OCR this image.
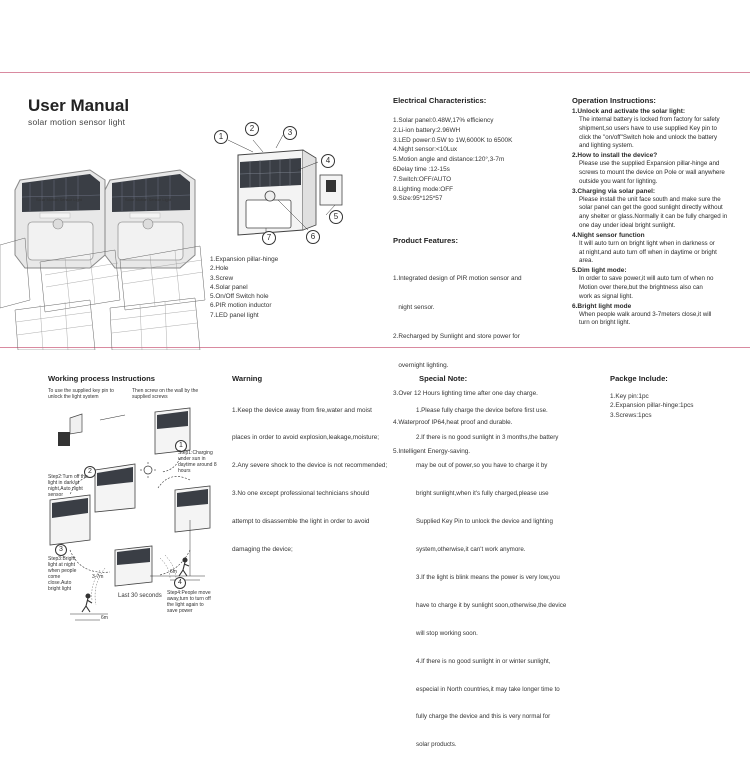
User Manual
solar motion sensor light
Solar Motion Sensor Light	Solar Motion Sensor Light
1
2	3
4
5
6
7
1.Expansion pillar-hinge
2.Hole
3.Screw
4.Solar panel
5.On/Off Switch hole
6.PIR motion inductor
7.LED panel light
Electrical Characteristics:
1.Solar panel:0.48W,17% efficiency
2.Li-ion battery:2.96WH
3.LED power:0.5W to 1W,6000K to 6500K
4.Night sensor:<10Lux
5.Motion angle and distance:120°,3-7m
6Delay time :12-15s
7.Switch:OFF/AUTO
8.Lighting mode:OFF
9.Size:95*125*57
Product Features:

1.Integrated design of PIR motion sensor and

night sensor.

2.Recharged by Sunlight and store power for

overnight lighting.

3.Over 12 Hours lighting time after one day charge.

4.Waterproof IP64,heat proof and durable.

5.Intelligent Energy-saving.

Operation Instructions:
1.Unlock and activate the solar light:

The internal battery is locked from factory for safety

shipment,so users have to use supplied Key pin to

click the "on/off"Switch hole and unlock the battery

and lighting system.

2.How to install the device?

Please use the supplied Expansion pillar-hinge and

screws to mount the device on Pole or wall anywhere

outside you want for lighting.

3.Charging via solar panel:

Please install the unit face south and make sure the

solar panel can get the good sunlight directly without

any shelter or glass.Normally it can be fully charged in

one day under ideal bright sunlight.

4.Night sensor function

It will auto turn on bright light when in darkness or

at night,and auto turn off when in daytime or bright

area.

5.Dim light mode:

In order to save power,it will auto turn of when no

Motion over there,but the brightness also can

work as signal light.

6.Bright light mode

When people walk around 3-7meters close,it will

turn on bright light.

Working process Instructions
To use the supplied key pin to unlock the light system
Then screw on the wall by the supplied screws
1
2
3
4
Step1:Charging under sun in daytime around 8 hours
Step2:Turn off the light in dark/at night,Auto night sensor
Step3:Bright light at night when people come close.Auto bright light
Step4:People move away,turn to turn off the light again to save power
Last 30 seconds
3-7m
6m
6m
Warning

1.Keep the device away from fire,water and moist

places in order to avoid explosion,leakage,moisture;

2.Any severe shock to the device is not recommended;

3.No one except professional technicians should

attempt to disassemble the light in order to avoid

damaging the device;

Special Note:

1.Please fully charge the device before first use.

2.If there is no good sunlight in 3 months,the battery

may be out of power,so you have to charge it by

bright sunlight,when it's fully charged,please use

Supplied Key Pin to unlock the device and lighting

system,otherwise,it can't work anymore.

3.If the light is blink means the power is very low,you

have to charge it by sunlight soon,otherwise,the device

will stop working soon.

4.If there is no good sunlight in or winter sunlight,

especial in North countries,it may take longer time to

fully charge the device and this is very normal for

solar products.

Packge Include:
1.Key pin:1pc
2.Expansion pillar-hinge:1pcs
3.Screws:1pcs
